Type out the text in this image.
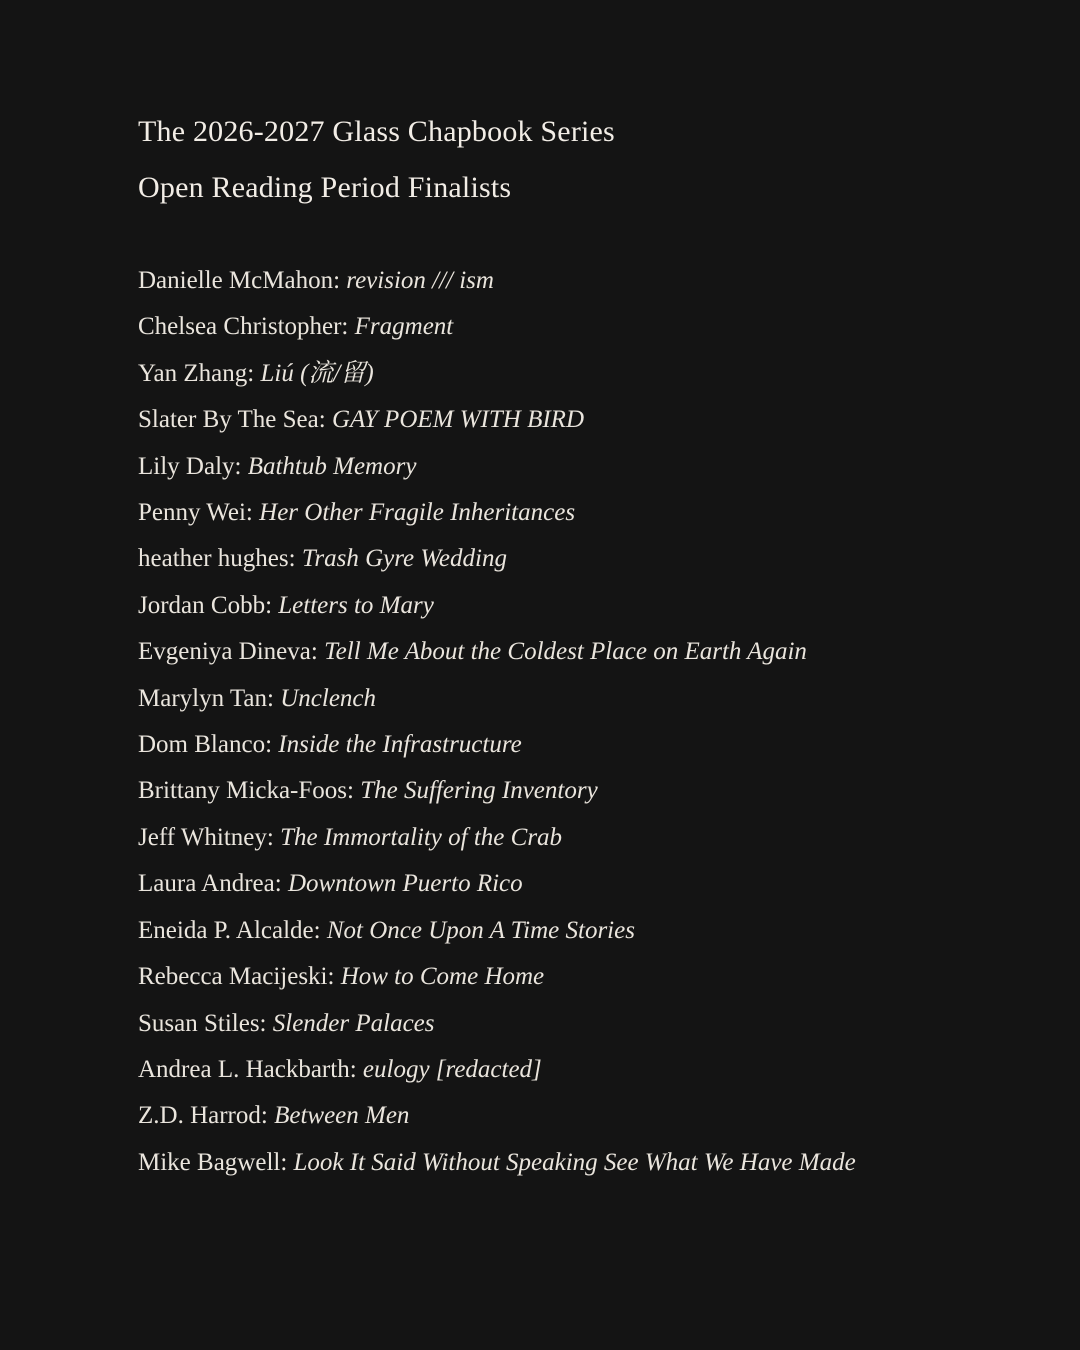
The 2026-2027 Glass Chapbook Series
Open Reading Period Finalists
Danielle McMahon: revision /// ism
Chelsea Christopher: Fragment
Yan Zhang: Liú (流/留)
Slater By The Sea: GAY POEM WITH BIRD
Lily Daly: Bathtub Memory
Penny Wei: Her Other Fragile Inheritances
heather hughes: Trash Gyre Wedding
Jordan Cobb: Letters to Mary
Evgeniya Dineva: Tell Me About the Coldest Place on Earth Again
Marylyn Tan: Unclench
Dom Blanco: Inside the Infrastructure
Brittany Micka-Foos: The Suffering Inventory
Jeff Whitney: The Immortality of the Crab
Laura Andrea: Downtown Puerto Rico
Eneida P. Alcalde: Not Once Upon A Time Stories
Rebecca Macijeski: How to Come Home
Susan Stiles: Slender Palaces
Andrea L. Hackbarth: eulogy [redacted]
Z.D. Harrod: Between Men
Mike Bagwell: Look It Said Without Speaking See What We Have Made
